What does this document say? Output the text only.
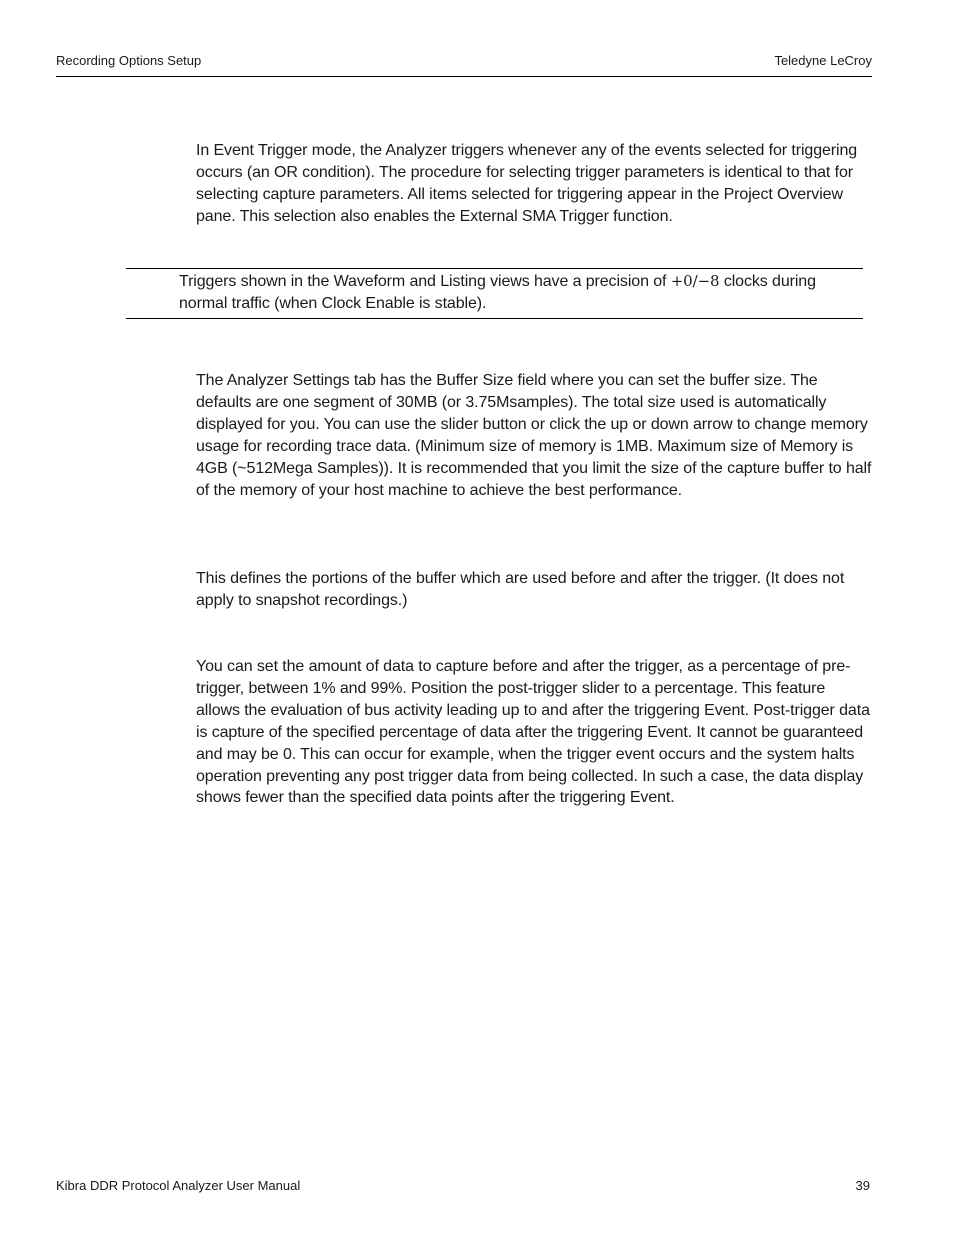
Recording Options Setup	Teledyne LeCroy
In Event Trigger mode, the Analyzer triggers whenever any of the events selected for triggering occurs (an OR condition). The procedure for selecting trigger parameters is identical to that for selecting capture parameters. All items selected for triggering appear in the Project Overview pane. This selection also enables the External SMA Trigger function.
Triggers shown in the Waveform and Listing views have a precision of +0/−8 clocks during normal traffic (when Clock Enable is stable).
The Analyzer Settings tab has the Buffer Size field where you can set the buffer size. The defaults are one segment of 30MB (or 3.75Msamples). The total size used is automatically displayed for you. You can use the slider button or click the up or down arrow to change memory usage for recording trace data. (Minimum size of memory is 1MB. Maximum size of Memory is 4GB (~512Mega Samples)). It is recommended that you limit the size of the capture buffer to half of the memory of your host machine to achieve the best performance.
This defines the portions of the buffer which are used before and after the trigger. (It does not apply to snapshot recordings.)
You can set the amount of data to capture before and after the trigger, as a percentage of pre-trigger, between 1% and 99%. Position the post-trigger slider to a percentage. This feature allows the evaluation of bus activity leading up to and after the triggering Event. Post-trigger data is capture of the specified percentage of data after the triggering Event. It cannot be guaranteed and may be 0. This can occur for example, when the trigger event occurs and the system halts operation preventing any post trigger data from being collected. In such a case, the data display shows fewer than the specified data points after the triggering Event.
Kibra DDR Protocol Analyzer User Manual	39
